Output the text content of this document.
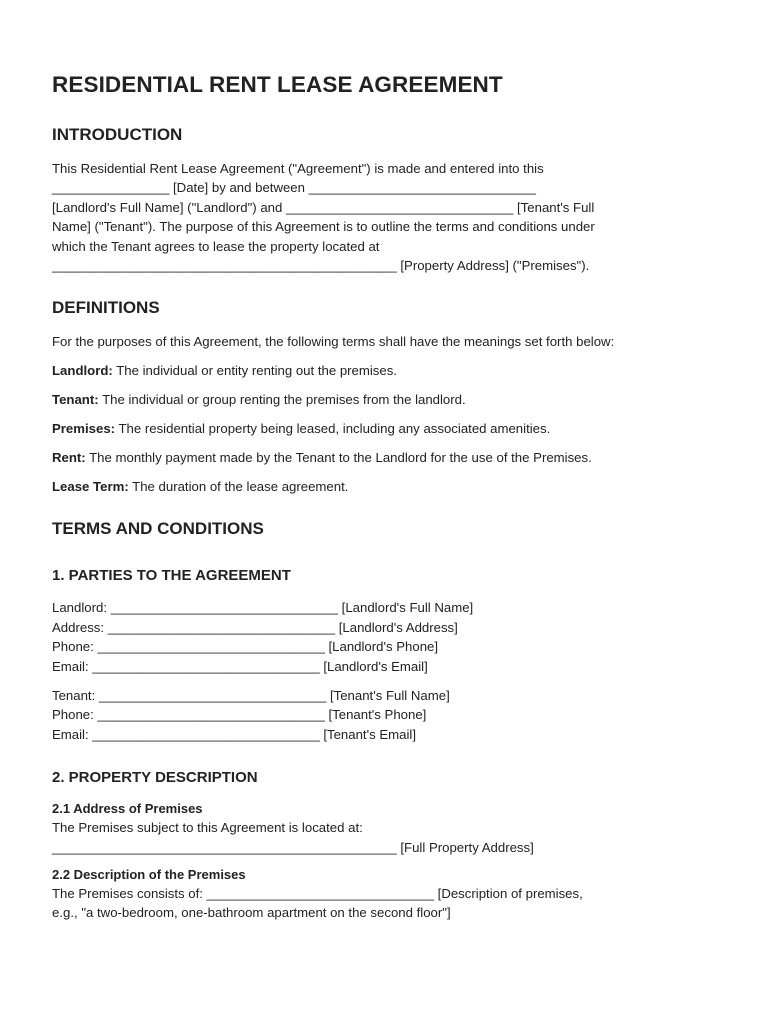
RESIDENTIAL RENT LEASE AGREEMENT
INTRODUCTION

This Residential Rent Lease Agreement ("Agreement") is made and entered into this

________________ [Date] by and between _______________________________

[Landlord's Full Name] ("Landlord") and _______________________________ [Tenant's Full

Name] ("Tenant"). The purpose of this Agreement is to outline the terms and conditions under

which the Tenant agrees to lease the property located at

_______________________________________________ [Property Address] ("Premises").

DEFINITIONS

For the purposes of this Agreement, the following terms shall have the meanings set forth below:

Landlord: The individual or entity renting out the premises.

Tenant: The individual or group renting the premises from the landlord.

Premises: The residential property being leased, including any associated amenities.

Rent: The monthly payment made by the Tenant to the Landlord for the use of the Premises.

Lease Term: The duration of the lease agreement.

TERMS AND CONDITIONS
1. PARTIES TO THE AGREEMENT

Landlord: _______________________________ [Landlord's Full Name]

Address: _______________________________ [Landlord's Address]

Phone: _______________________________ [Landlord's Phone]

Email: _______________________________ [Landlord's Email]

Tenant: _______________________________ [Tenant's Full Name]

Phone: _______________________________ [Tenant's Phone]

Email: _______________________________ [Tenant's Email]

2. PROPERTY DESCRIPTION
2.1 Address of Premises

The Premises subject to this Agreement is located at:

_______________________________________________ [Full Property Address]

2.2 Description of the Premises

The Premises consists of: _______________________________ [Description of premises,

e.g., "a two-bedroom, one-bathroom apartment on the second floor"]
